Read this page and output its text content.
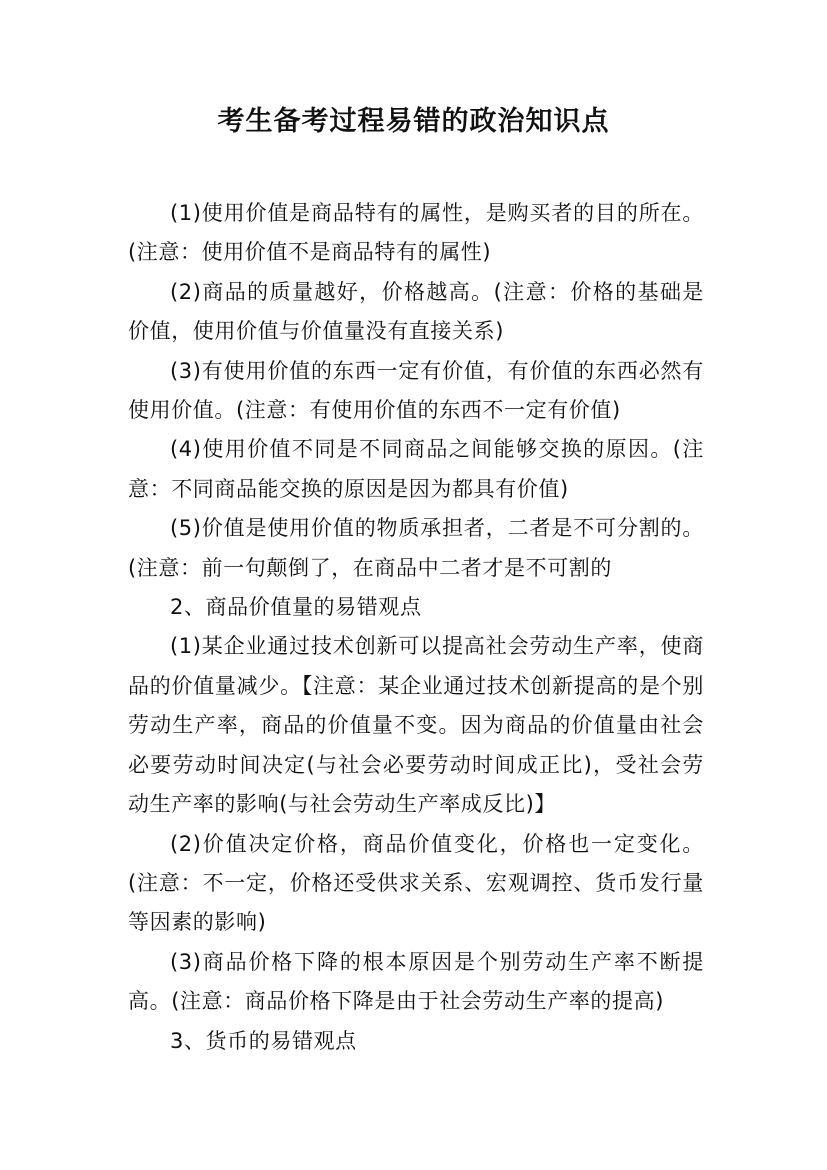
考生备考过程易错的政治知识点

(1)使用价值是商品特有的属性，是购买者的目的所在。(注意：使用价值不是商品特有的属性)

(2)商品的质量越好，价格越高。(注意：价格的基础是价值，使用价值与价值量没有直接关系)

(3)有使用价值的东西一定有价值，有价值的东西必然有使用价值。(注意：有使用价值的东西不一定有价值)

(4)使用价值不同是不同商品之间能够交换的原因。(注意：不同商品能交换的原因是因为都具有价值)

(5)价值是使用价值的物质承担者，二者是不可分割的。(注意：前一句颠倒了，在商品中二者才是不可割的

2、商品价值量的易错观点

(1)某企业通过技术创新可以提高社会劳动生产率，使商品的价值量减少。【注意：某企业通过技术创新提高的是个别劳动生产率，商品的价值量不变。因为商品的价值量由社会必要劳动时间决定(与社会必要劳动时间成正比)，受社会劳动生产率的影响(与社会劳动生产率成反比)】

(2)价值决定价格，商品价值变化，价格也一定变化。(注意：不一定，价格还受供求关系、宏观调控、货币发行量等因素的影响)

(3)商品价格下降的根本原因是个别劳动生产率不断提高。(注意：商品价格下降是由于社会劳动生产率的提高)

3、货币的易错观点
